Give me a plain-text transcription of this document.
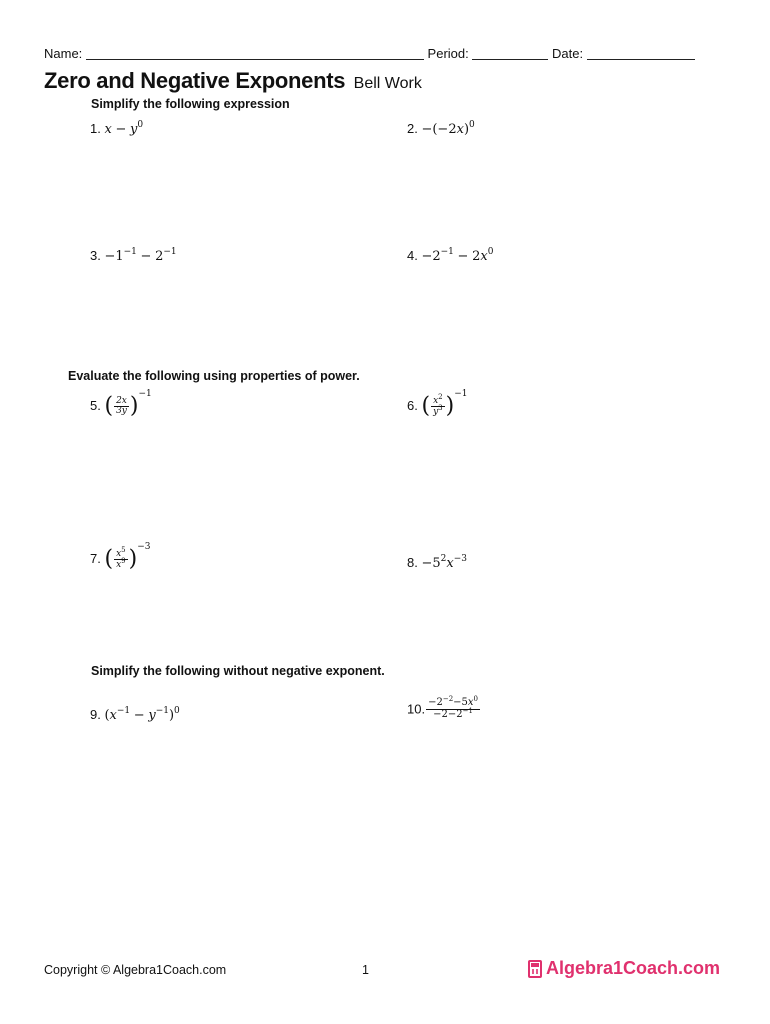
Name:	Period:	Date:
Zero and Negative Exponents Bell Work
Simplify the following expression
1. $x - y^0$	2. $-(-2x)^0$
3. $-1^{-1} - 2^{-1}$	4. $-2^{-1} - 2x^0$
Evaluate the following using properties of power.
5. ( $\frac{2x}{3y} )^{-1}$
6. ( $\frac{x^2}{y^3} )^{-1}$
7. ( $\frac{x^5}{x^9} )^{-3}$
8. $-5^2x^{-3}$
Simplify the following without negative exponent.
9. $(x^{-1} - y^{-1})^0$	10. $\frac{-2^{-2}-5x^0}{-2-2^{-1}}$
Copyright © Algebra1Coach.com	1	Algebra1Coach.com
